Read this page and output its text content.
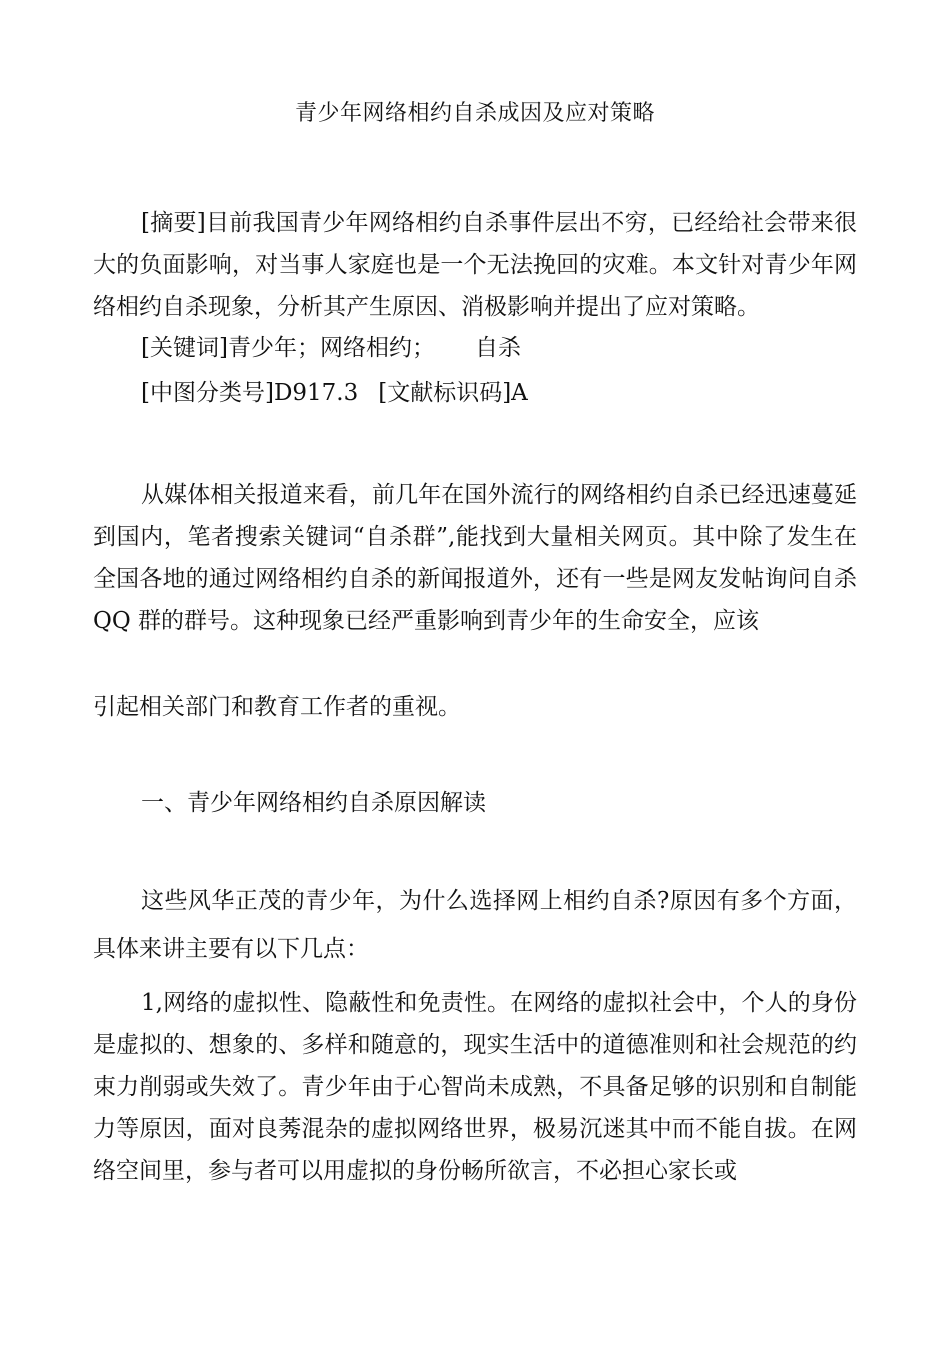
青少年网络相约自杀成因及应对策略

[摘要]目前我国青少年网络相约自杀事件层出不穷，已经给社会带来很大的负面影响，对当事人家庭也是一个无法挽回的灾难。本文针对青少年网络相约自杀现象，分析其产生原因、消极影响并提出了应对策略。

[关键词]青少年；网络相约； 自杀

[中图分类号]D917.3 [文献标识码]A

从媒体相关报道来看，前几年在国外流行的网络相约自杀已经迅速蔓延到国内，笔者搜索关键词“自杀群”,能找到大量相关网页。其中除了发生在全国各地的通过网络相约自杀的新闻报道外，还有一些是网友发帖询问自杀 QQ 群的群号。这种现象已经严重影响到青少年的生命安全，应该

引起相关部门和教育工作者的重视。

一、青少年网络相约自杀原因解读

这些风华正茂的青少年，为什么选择网上相约自杀?原因有多个方面，具体来讲主要有以下几点：

1,网络的虚拟性、隐蔽性和免责性。在网络的虚拟社会中，个人的身份是虚拟的、想象的、多样和随意的，现实生活中的道德准则和社会规范的约束力削弱或失效了。青少年由于心智尚未成熟，不具备足够的识别和自制能力等原因，面对良莠混杂的虚拟网络世界，极易沉迷其中而不能自拔。在网络空间里，参与者可以用虚拟的身份畅所欲言，不必担心家长或
